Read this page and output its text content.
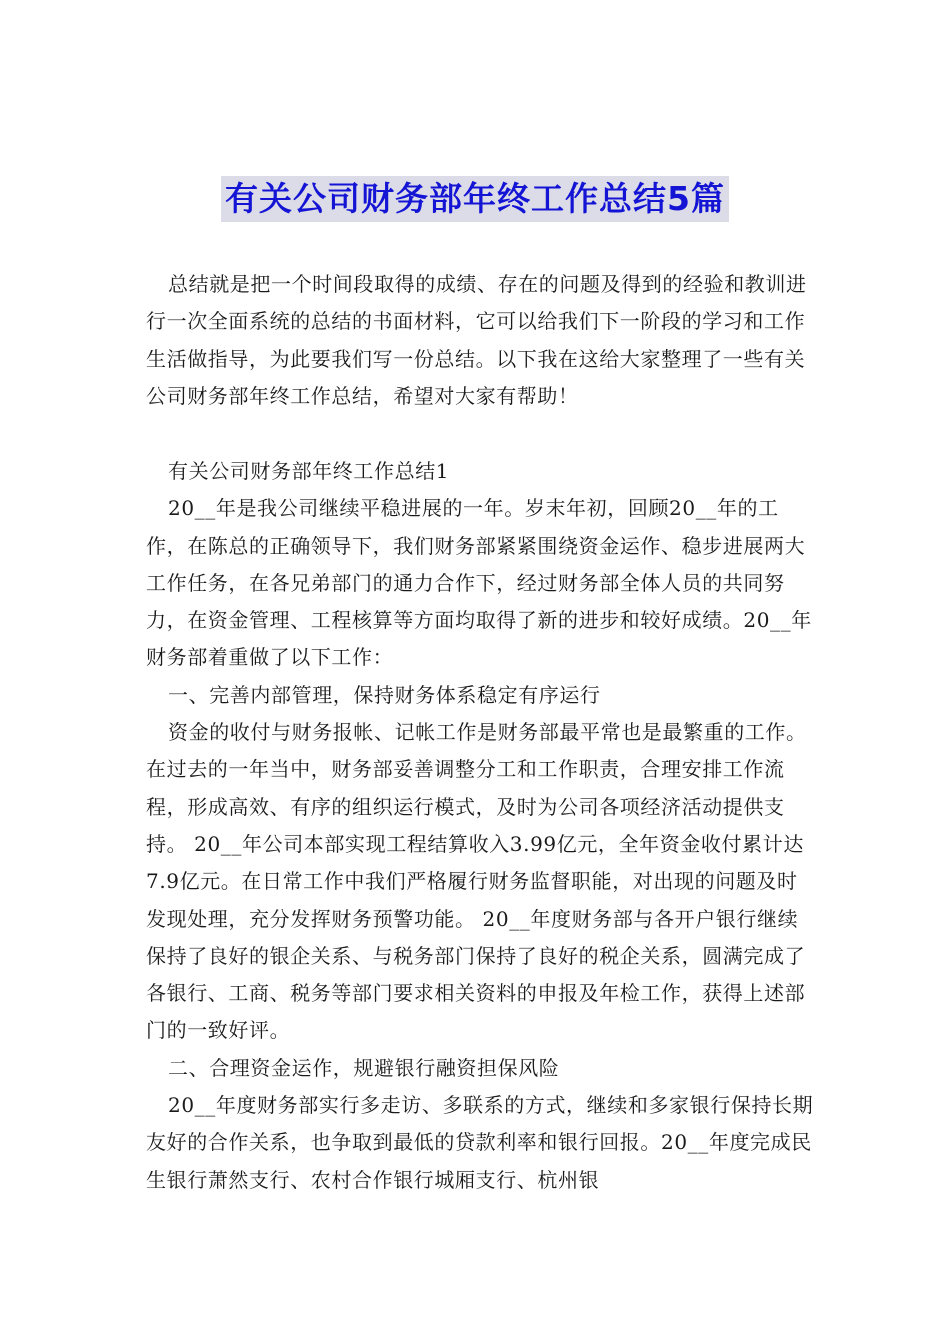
有关公司财务部年终工作总结5篇

总结就是把一个时间段取得的成绩、存在的问题及得到的经验和教训进行一次全面系统的总结的书面材料，它可以给我们下一阶段的学习和工作生活做指导，为此要我们写一份总结。以下我在这给大家整理了一些有关公司财务部年终工作总结，希望对大家有帮助！

有关公司财务部年终工作总结1

20__年是我公司继续平稳进展的一年。岁末年初，回顾20__年的工作，在陈总的正确领导下，我们财务部紧紧围绕资金运作、稳步进展两大工作任务，在各兄弟部门的通力合作下，经过财务部全体人员的共同努力，在资金管理、工程核算等方面均取得了新的进步和较好成绩。20__年财务部着重做了以下工作：

一、完善内部管理，保持财务体系稳定有序运行

资金的收付与财务报帐、记帐工作是财务部最平常也是最繁重的工作。在过去的一年当中，财务部妥善调整分工和工作职责，合理安排工作流程，形成高效、有序的组织运行模式，及时为公司各项经济活动提供支持。 20__年公司本部实现工程结算收入3.99亿元，全年资金收付累计达7.9亿元。在日常工作中我们严格履行财务监督职能，对出现的问题及时发现处理，充分发挥财务预警功能。 20__年度财务部与各开户银行继续保持了良好的银企关系、与税务部门保持了良好的税企关系，圆满完成了各银行、工商、税务等部门要求相关资料的申报及年检工作，获得上述部门的一致好评。

二、合理资金运作，规避银行融资担保风险

20__年度财务部实行多走访、多联系的方式，继续和多家银行保持长期友好的合作关系，也争取到最低的贷款利率和银行回报。20__年度完成民生银行萧然支行、农村合作银行城厢支行、杭州银
